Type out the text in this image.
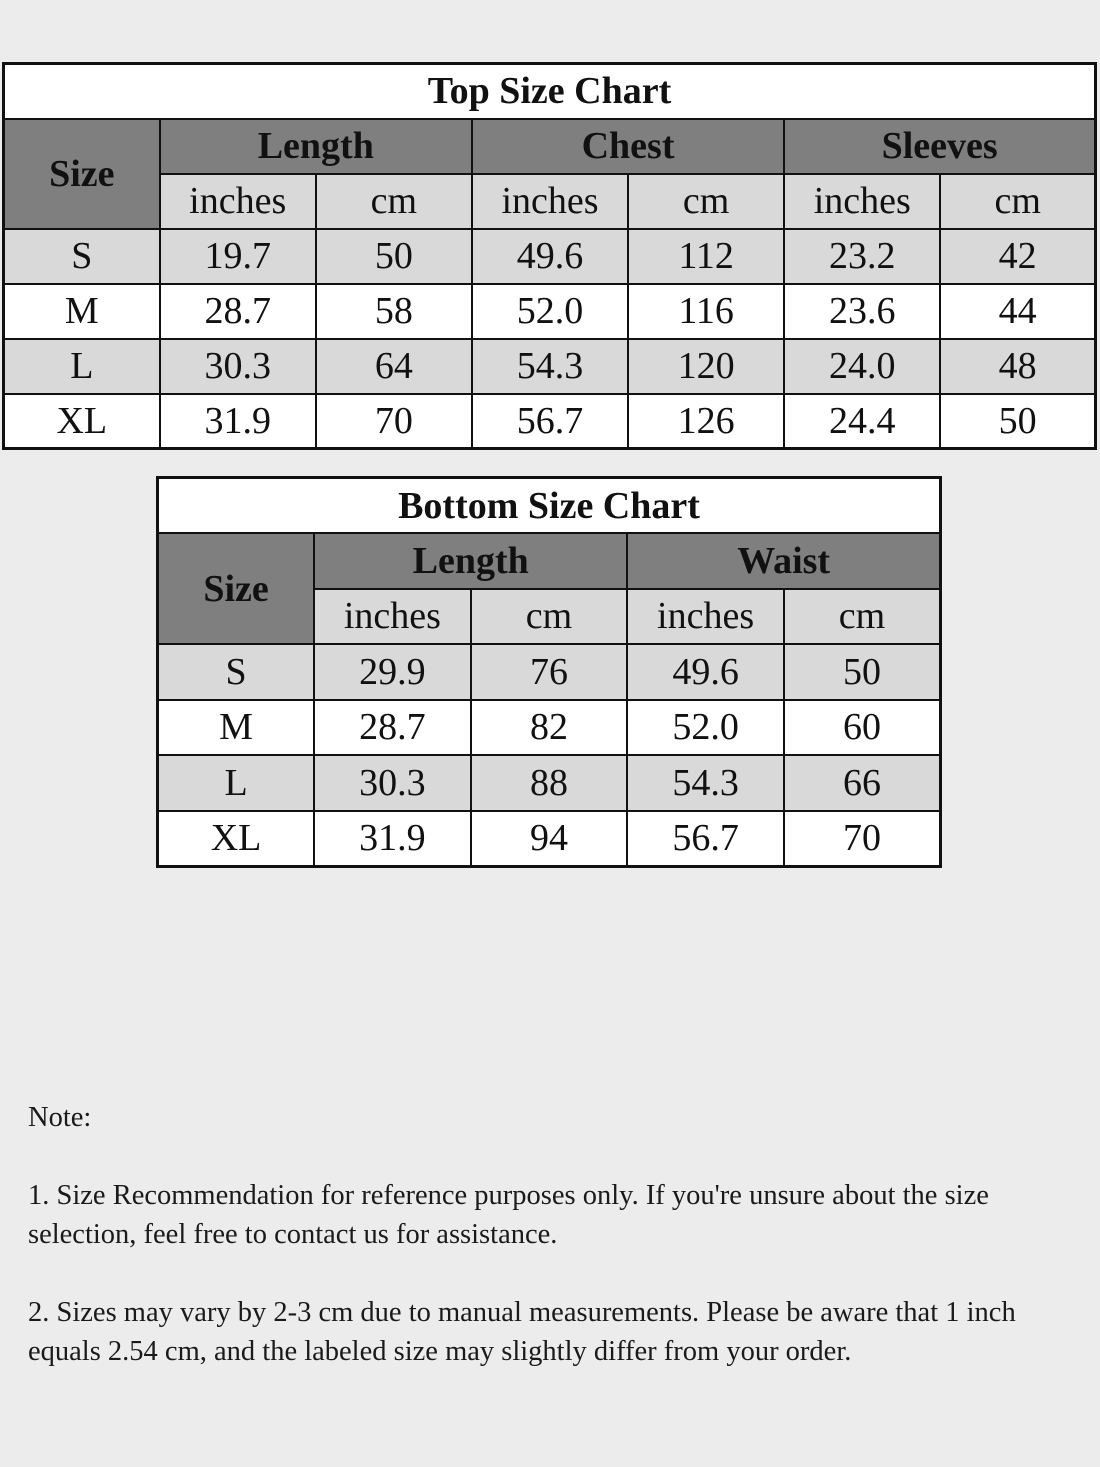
Top Size Chart						
Size	Length		Chest		Sleeves	
	inches	cm	inches	cm	inches	cm
S	19.7	50	49.6	112	23.2	42
M	28.7	58	52.0	116	23.6	44
L	30.3	64	54.3	120	24.0	48
XL	31.9	70	56.7	126	24.4	50
Bottom Size Chart				
Size	Length		Waist	
	inches	cm	inches	cm
S	29.9	76	49.6	50
M	28.7	82	52.0	60
L	30.3	88	54.3	66
XL	31.9	94	56.7	70

Note:

1. Size Recommendation for reference purposes only. If you're unsure about the size selection, feel free to contact us for assistance.

2. Sizes may vary by 2-3 cm due to manual measurements. Please be aware that 1 inch equals 2.54 cm, and the labeled size may slightly differ from your order.
